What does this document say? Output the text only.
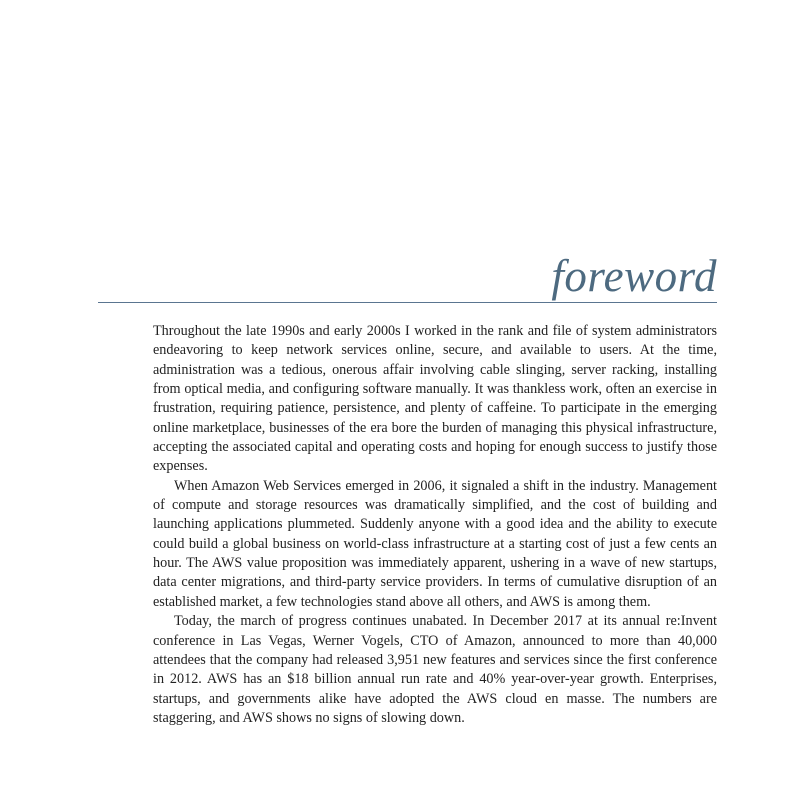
foreword

Throughout the late 1990s and early 2000s I worked in the rank and file of system administrators endeavoring to keep network services online, secure, and available to users. At the time, administration was a tedious, onerous affair involving cable slinging, server racking, installing from optical media, and configuring software manually. It was thankless work, often an exercise in frustration, requiring patience, persistence, and plenty of caffeine. To participate in the emerging online marketplace, businesses of the era bore the burden of managing this physical infrastructure, accepting the associated capital and operating costs and hoping for enough success to justify those expenses.

When Amazon Web Services emerged in 2006, it signaled a shift in the industry. Management of compute and storage resources was dramatically simplified, and the cost of building and launching applications plummeted. Suddenly anyone with a good idea and the ability to execute could build a global business on world-class infrastructure at a starting cost of just a few cents an hour. The AWS value proposition was immediately apparent, ushering in a wave of new startups, data center migrations, and third-party service providers. In terms of cumulative disruption of an established market, a few technologies stand above all others, and AWS is among them.

Today, the march of progress continues unabated. In December 2017 at its annual re:Invent conference in Las Vegas, Werner Vogels, CTO of Amazon, announced to more than 40,000 attendees that the company had released 3,951 new features and services since the first conference in 2012. AWS has an $18 billion annual run rate and 40% year-over-year growth. Enterprises, startups, and governments alike have adopted the AWS cloud en masse. The numbers are staggering, and AWS shows no signs of slowing down.
